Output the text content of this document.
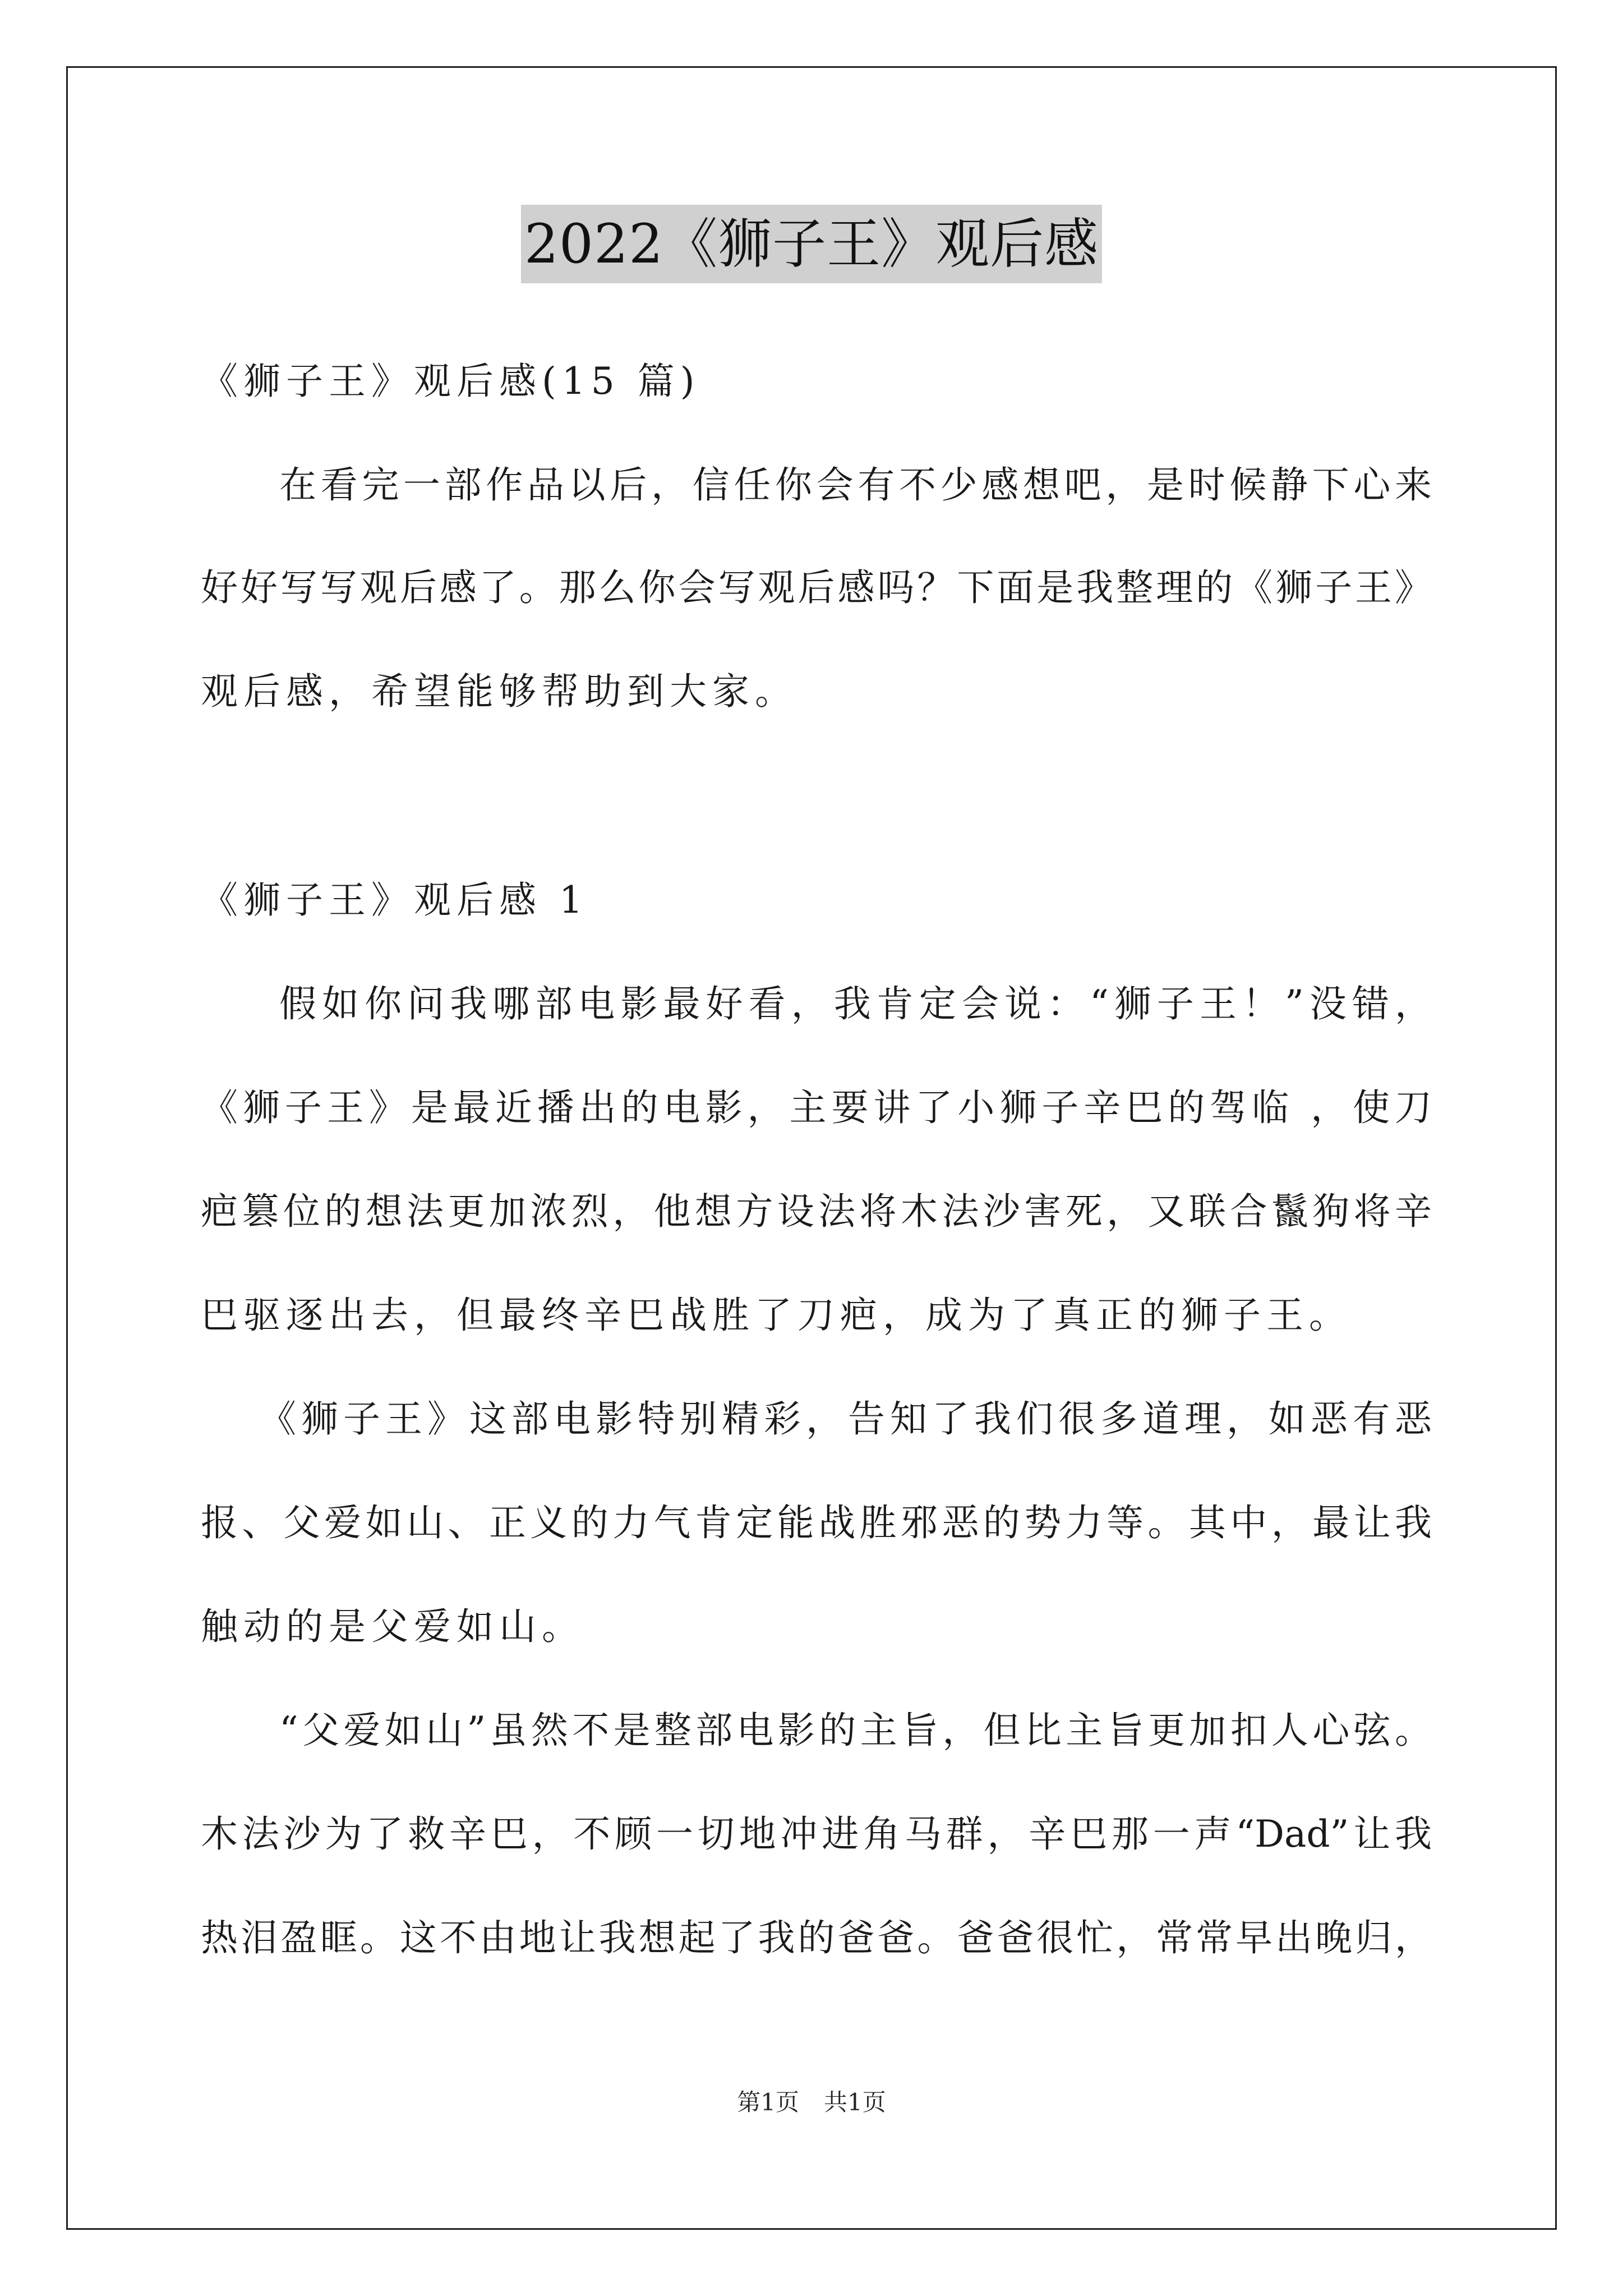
2022《狮子王》观后感
《狮子王》观后感(15 篇)
在看完一部作品以后，信任你会有不少感想吧，是时候静下心来
好好写写观后感了。那么你会写观后感吗？下面是我整理的《狮子王》
观后感，希望能够帮助到大家。
《狮子王》观后感 1
假如你问我哪部电影最好看，我肯定会说：“狮子王！”没错，
《狮子王》是最近播出的电影，主要讲了小狮子辛巴的驾临 ，使刀
疤篡位的想法更加浓烈，他想方设法将木法沙害死，又联合鬣狗将辛
巴驱逐出去，但最终辛巴战胜了刀疤，成为了真正的狮子王。
《狮子王》这部电影特别精彩，告知了我们很多道理，如恶有恶
报、父爱如山、正义的力气肯定能战胜邪恶的势力等。其中，最让我
触动的是父爱如山。
“父爱如山”虽然不是整部电影的主旨，但比主旨更加扣人心弦。
木法沙为了救辛巴，不顾一切地冲进角马群，辛巴那一声“Dad”让我
热泪盈眶。这不由地让我想起了我的爸爸。爸爸很忙，常常早出晚归，
第1页 共1页
